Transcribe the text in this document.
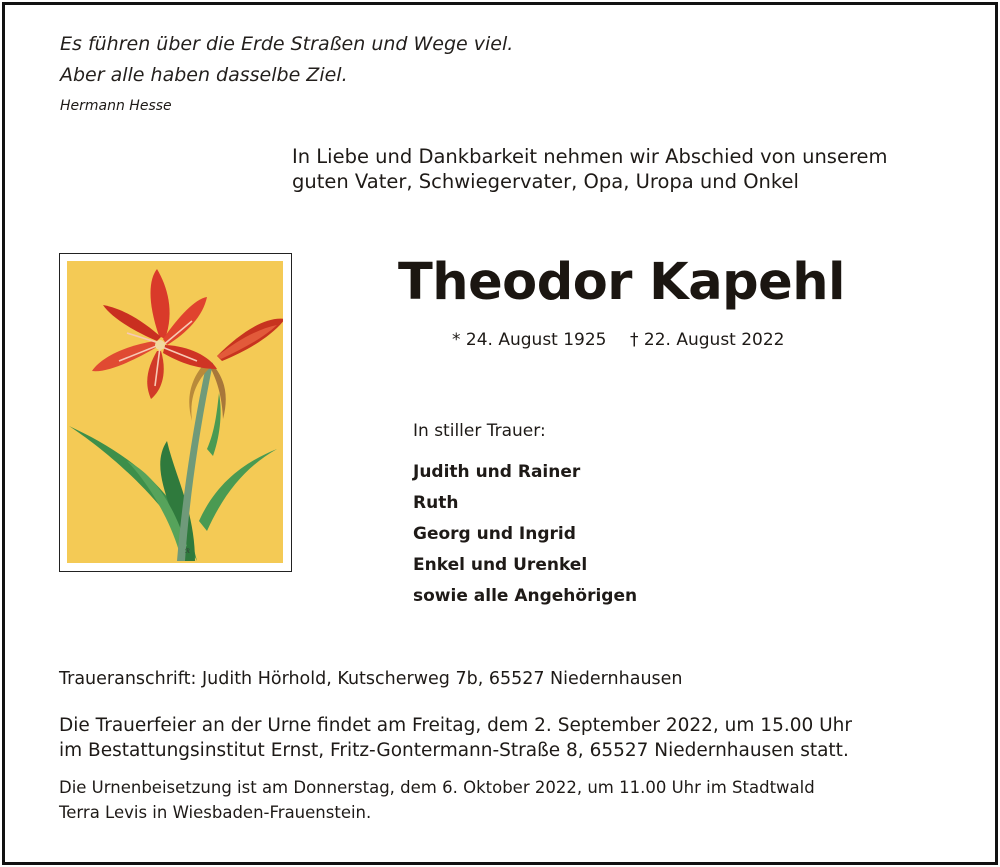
Es führen über die Erde Straßen und Wege viel.
Aber alle haben dasselbe Ziel.
Hermann Hesse
In Liebe und Dankbarkeit nehmen wir Abschied von unserem
guten Vater, Schwiegervater, Opa, Uropa und Onkel
ℛ
Theodor Kapehl
* 24. August 1925 † 22. August 2022
In stiller Trauer:
Judith und Rainer
Ruth
Georg und Ingrid
Enkel und Urenkel
sowie alle Angehörigen
Traueranschrift: Judith Hörhold, Kutscherweg 7b, 65527 Niedernhausen
Die Trauerfeier an der Urne findet am Freitag, dem 2. September 2022, um 15.00 Uhr
im Bestattungsinstitut Ernst, Fritz-Gontermann-Straße 8, 65527 Niedernhausen statt.
Die Urnenbeisetzung ist am Donnerstag, dem 6. Oktober 2022, um 11.00 Uhr im Stadtwald
Terra Levis in Wiesbaden-Frauenstein.
